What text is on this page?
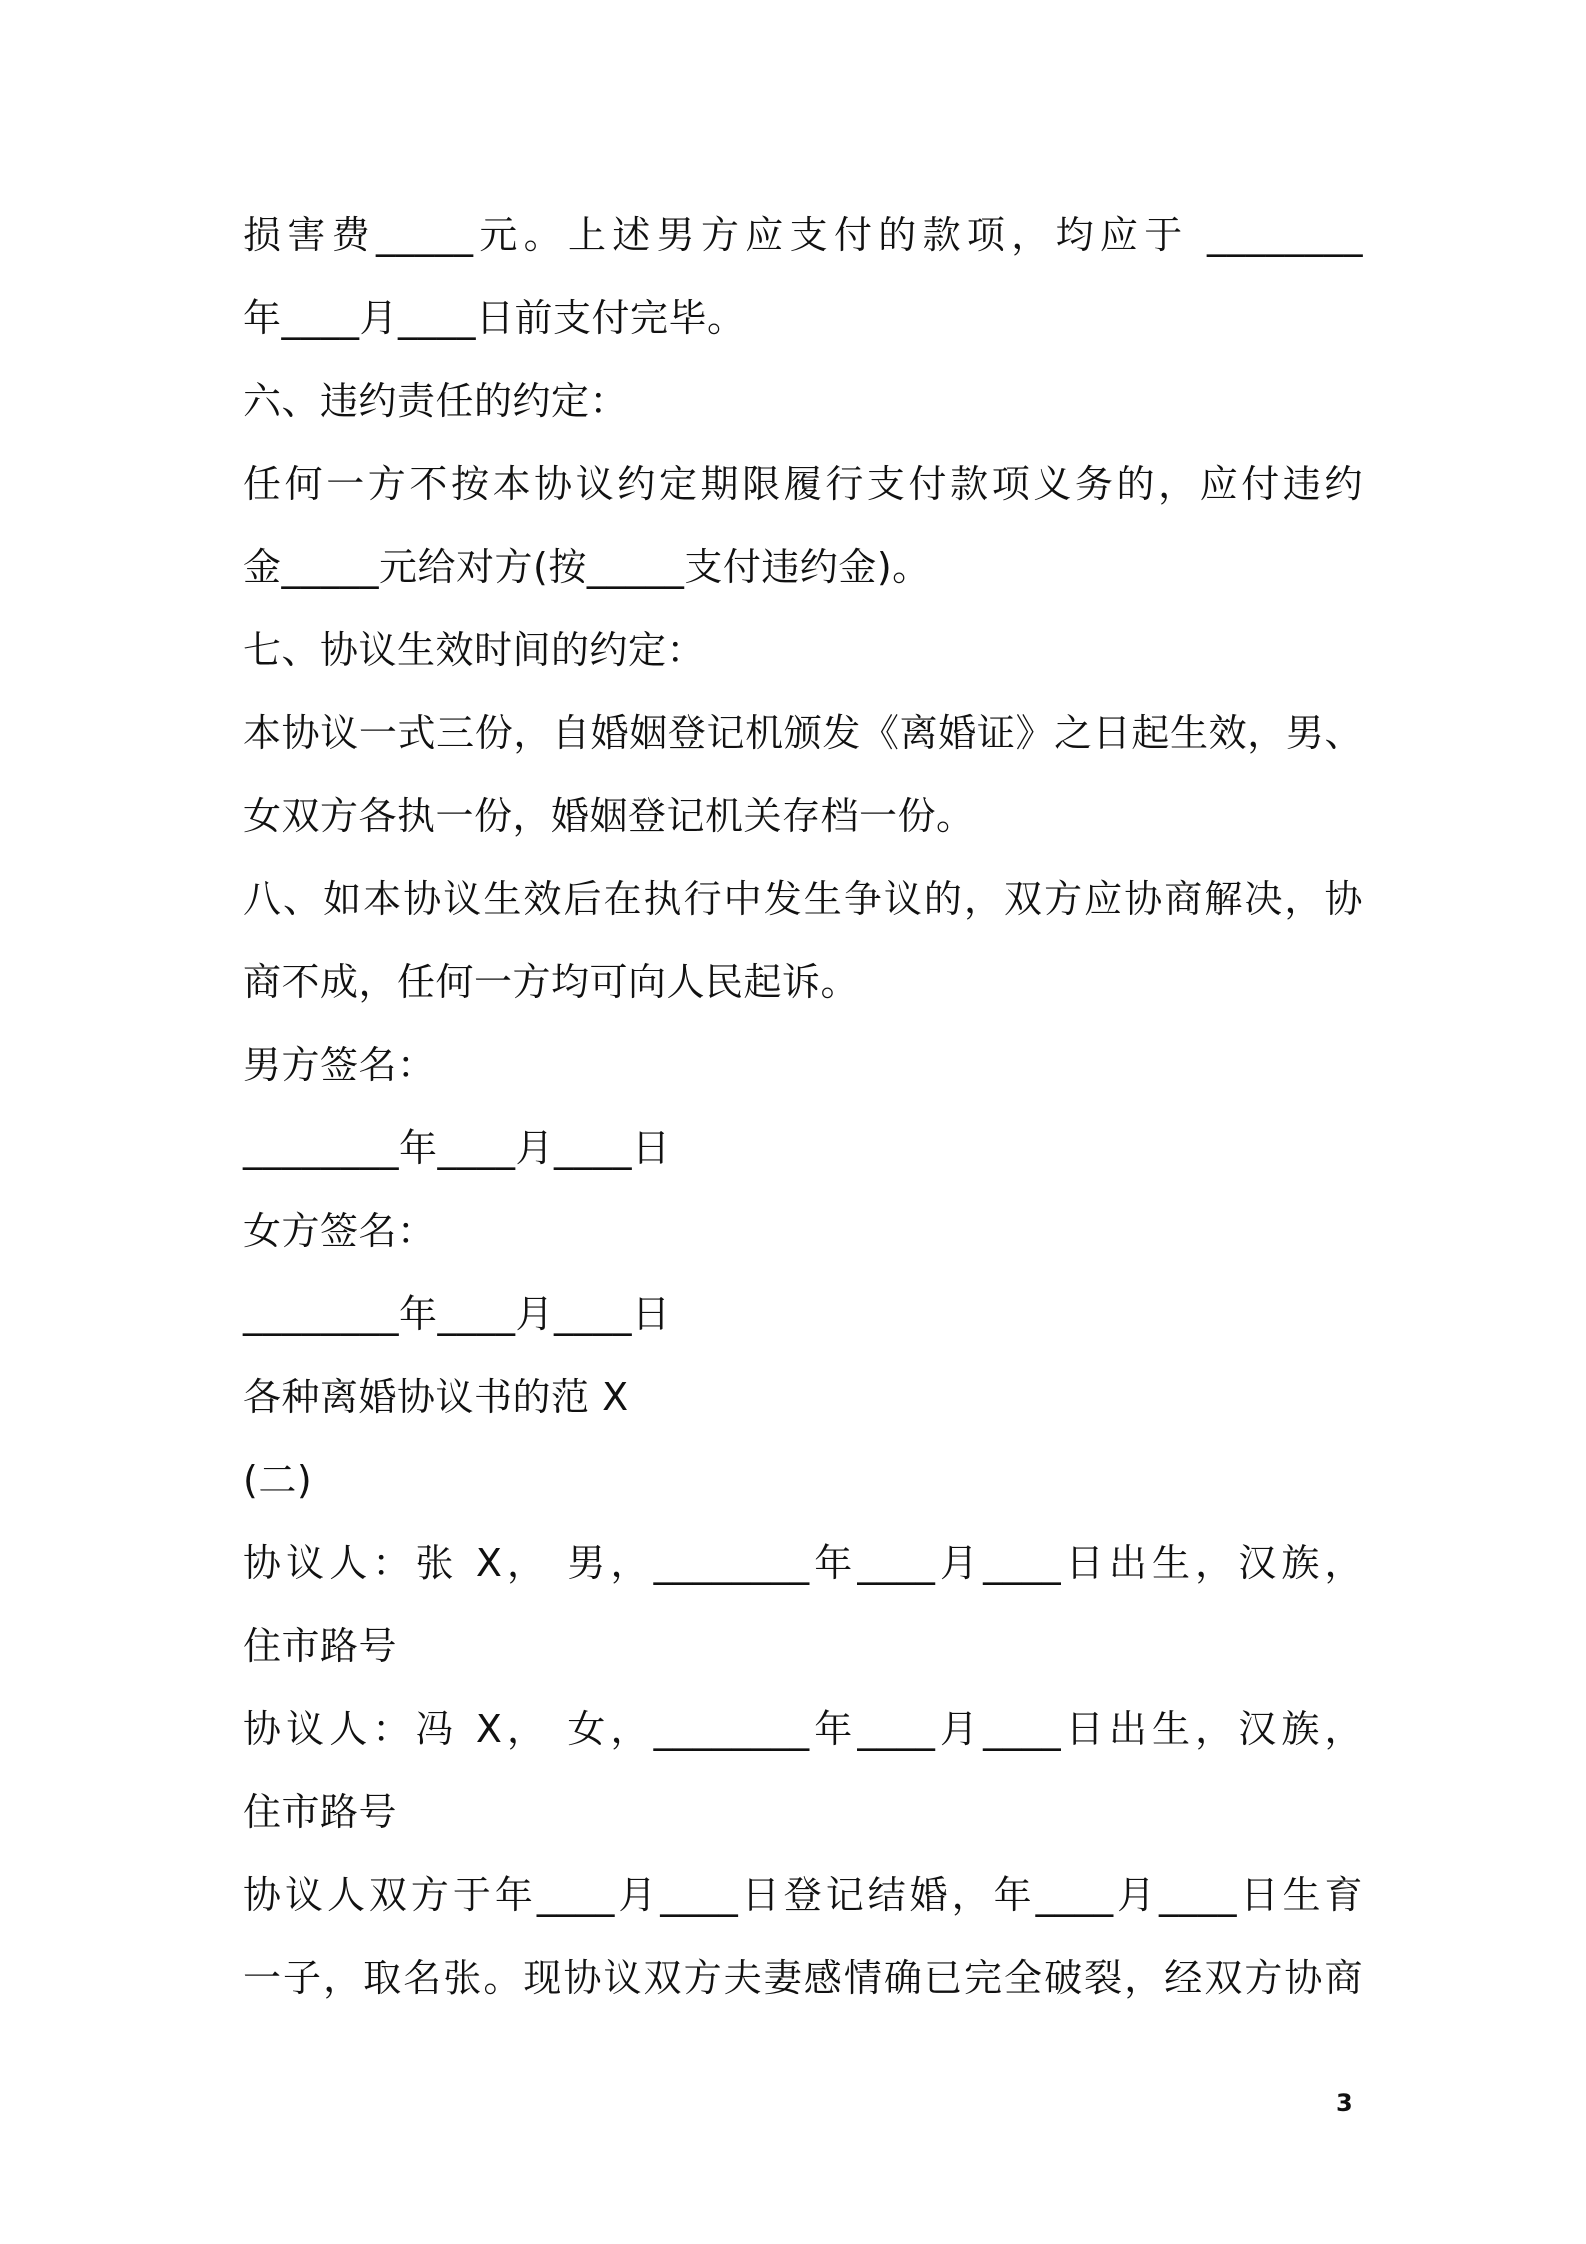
损害费_____元。上述男方应支付的款项，均应于 ________
年____月____日前支付完毕。
六、违约责任的约定：
任何一方不按本协议约定期限履行支付款项义务的，应付违约
金_____元给对方(按_____支付违约金)。
七、协议生效时间的约定：
本协议一式三份，自婚姻登记机颁发《离婚证》之日起生效，男、
女双方各执一份，婚姻登记机关存档一份。
八、如本协议生效后在执行中发生争议的，双方应协商解决，协
商不成，任何一方均可向人民起诉。
男方签名：
________年____月____日
女方签名：
________年____月____日
各种离婚协议书的范 X
(二)
协议人：张 X， 男，________年____月____日出生，汉族，
住市路号
协议人：冯 X， 女，________年____月____日出生，汉族，
住市路号
协议人双方于年____月____日登记结婚，年____月____日生育
一子，取名张。现协议双方夫妻感情确已完全破裂，经双方协商
3
